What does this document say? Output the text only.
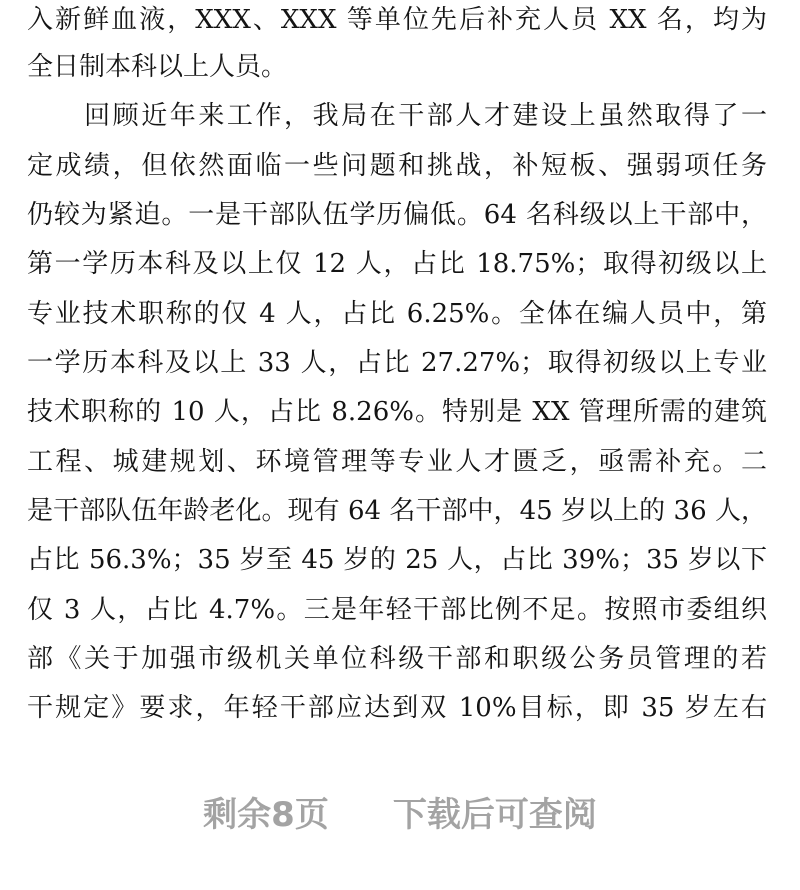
入新鲜血液，XXX、XXX 等单位先后补充人员 XX 名，均为
全日制本科以上人员。
　　回顾近年来工作，我局在干部人才建设上虽然取得了一
定成绩，但依然面临一些问题和挑战，补短板、强弱项任务
仍较为紧迫。一是干部队伍学历偏低。64 名科级以上干部中，
第一学历本科及以上仅 12 人，占比 18.75%；取得初级以上
专业技术职称的仅 4 人，占比 6.25%。全体在编人员中，第
一学历本科及以上 33 人，占比 27.27%；取得初级以上专业
技术职称的 10 人，占比 8.26%。特别是 XX 管理所需的建筑
工程、城建规划、环境管理等专业人才匮乏，亟需补充。二
是干部队伍年龄老化。现有 64 名干部中，45 岁以上的 36 人，
占比 56.3%；35 岁至 45 岁的 25 人，占比 39%；35 岁以下
仅 3 人，占比 4.7%。三是年轻干部比例不足。按照市委组织
部《关于加强市级机关单位科级干部和职级公务员管理的若
干规定》要求，年轻干部应达到双 10%目标，即 35 岁左右
剩余8页 下载后可查阅
